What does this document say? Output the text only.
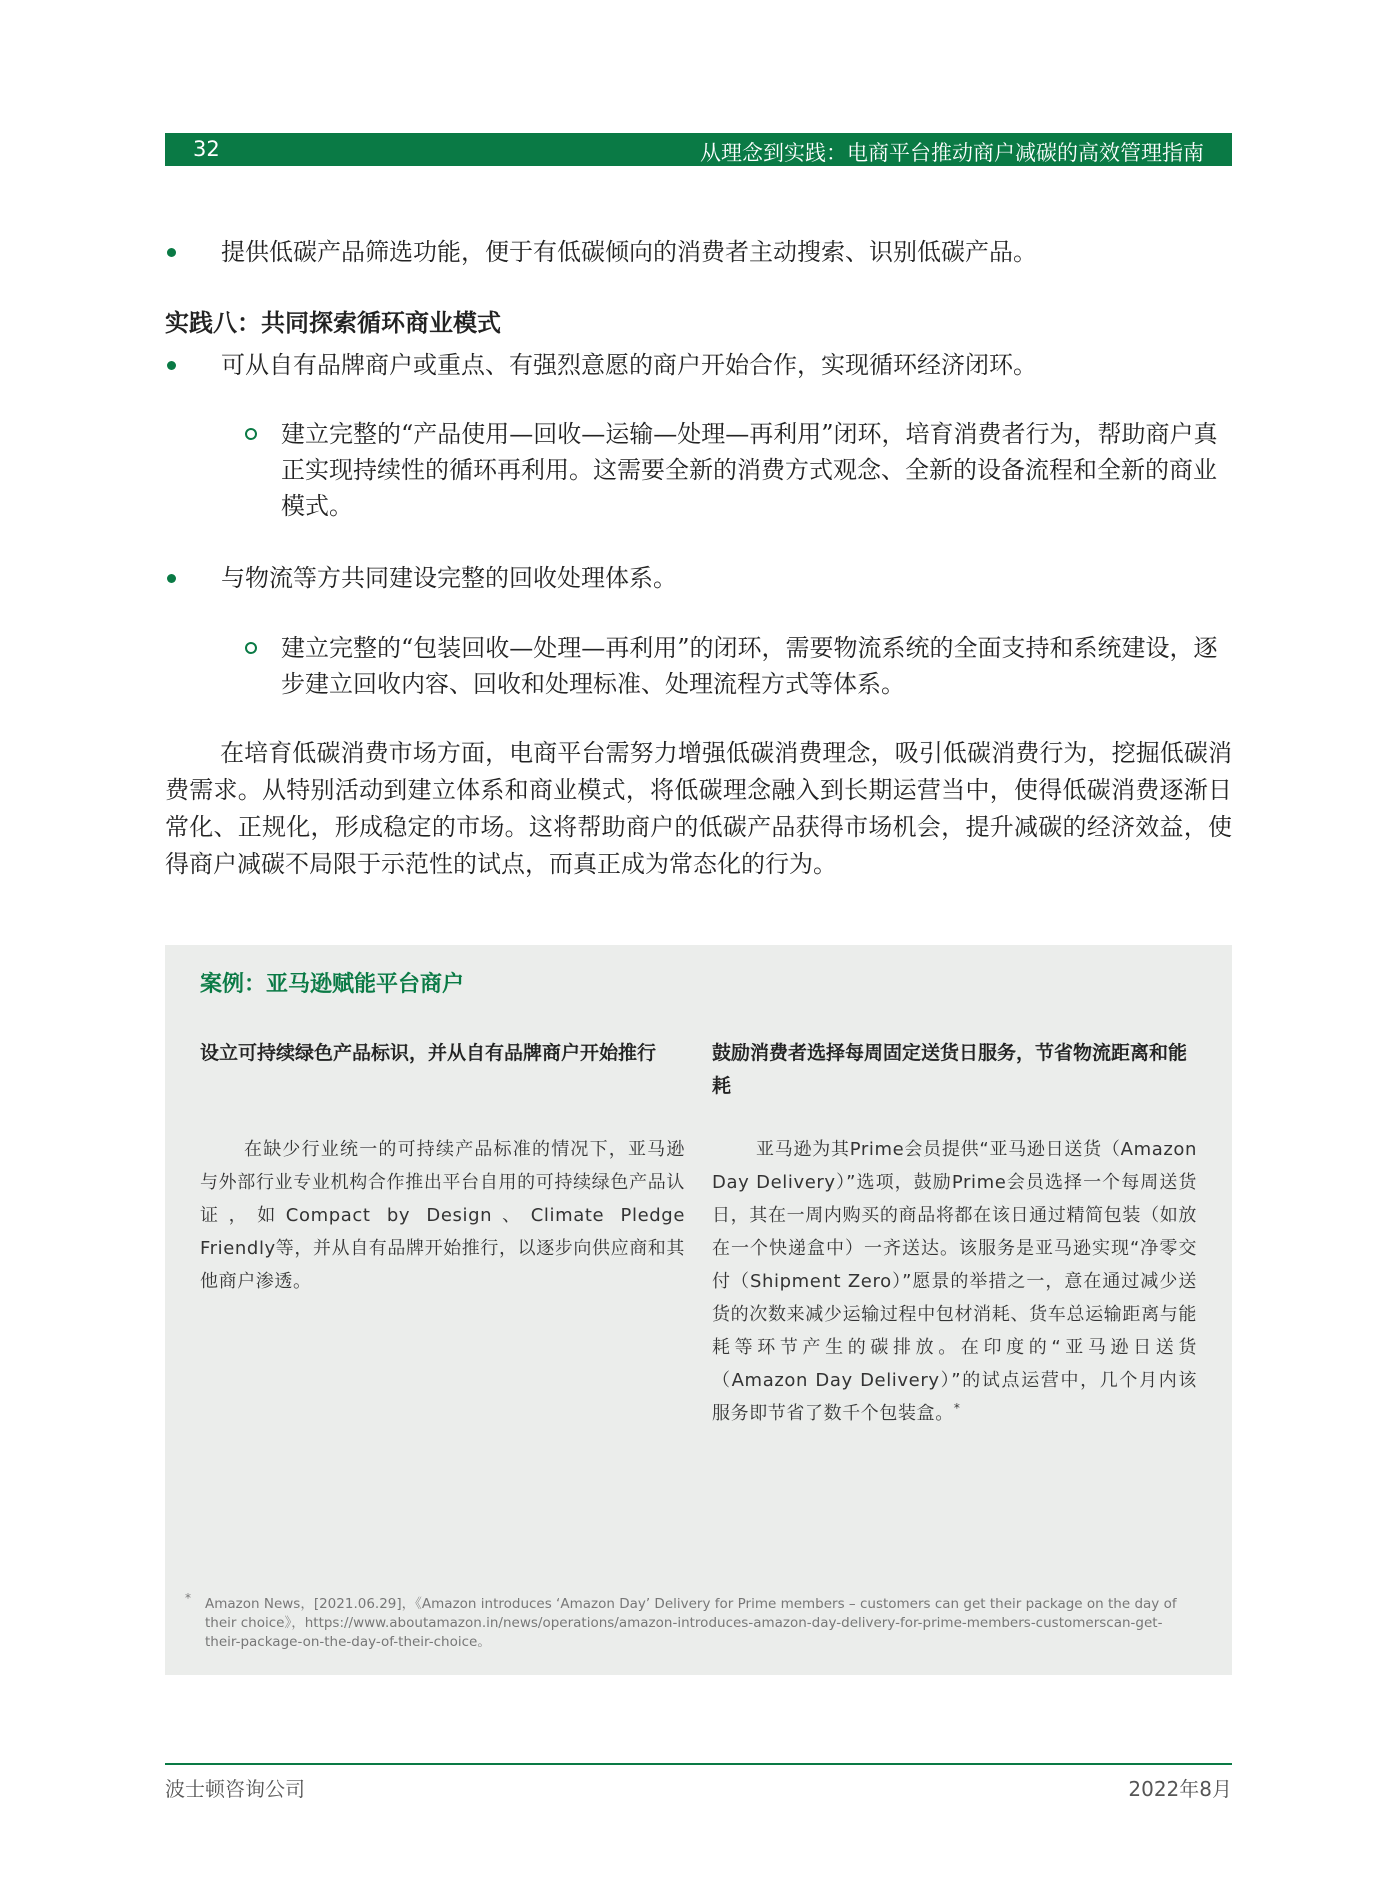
32	从理念到实践：电商平台推动商户减碳的高效管理指南
提供低碳产品筛选功能，便于有低碳倾向的消费者主动搜索、识别低碳产品。
实践八：共同探索循环商业模式
可从自有品牌商户或重点、有强烈意愿的商户开始合作，实现循环经济闭环。
建立完整的“产品使用—回收—运输—处理—再利用”闭环，培育消费者行为，帮助商户真正实现持续性的循环再利用。这需要全新的消费方式观念、全新的设备流程和全新的商业模式。
与物流等方共同建设完整的回收处理体系。
建立完整的“包装回收—处理—再利用”的闭环，需要物流系统的全面支持和系统建设，逐步建立回收内容、回收和处理标准、处理流程方式等体系。
在培育低碳消费市场方面，电商平台需努力增强低碳消费理念，吸引低碳消费行为，挖掘低碳消费需求。从特别活动到建立体系和商业模式，将低碳理念融入到长期运营当中，使得低碳消费逐渐日常化、正规化，形成稳定的市场。这将帮助商户的低碳产品获得市场机会，提升减碳的经济效益，使得商户减碳不局限于示范性的试点，而真正成为常态化的行为。
案例：亚马逊赋能平台商户
设立可持续绿色产品标识，并从自有品牌商户开始推行
在缺少行业统一的可持续产品标准的情况下，亚马逊与外部行业专业机构合作推出平台自用的可持续绿色产品认证，如Compact by Design、Climate Pledge Friendly等，并从自有品牌开始推行，以逐步向供应商和其他商户渗透。
鼓励消费者选择每周固定送货日服务，节省物流距离和能耗
亚马逊为其Prime会员提供“亚马逊日送货（Amazon Day Delivery）”选项，鼓励Prime会员选择一个每周送货日，其在一周内购买的商品将都在该日通过精简包装（如放在一个快递盒中）一齐送达。该服务是亚马逊实现“净零交付（Shipment Zero）”愿景的举措之一，意在通过减少送货的次数来减少运输过程中包材消耗、货车总运输距离与能耗等环节产生的碳排放。在印度的“亚马逊日送货（Amazon Day Delivery）”的试点运营中，几个月内该服务即节省了数千个包装盒。*
* Amazon News，[2021.06.29]，《Amazon introduces ‘Amazon Day’ Delivery for Prime members – customers can get their package on the day of their choice》，https://www.aboutamazon.in/news/operations/amazon-introduces-amazon-day-delivery-for-prime-members-customerscan-get-their-package-on-the-day-of-their-choice。
波士顿咨询公司	2022年8月
